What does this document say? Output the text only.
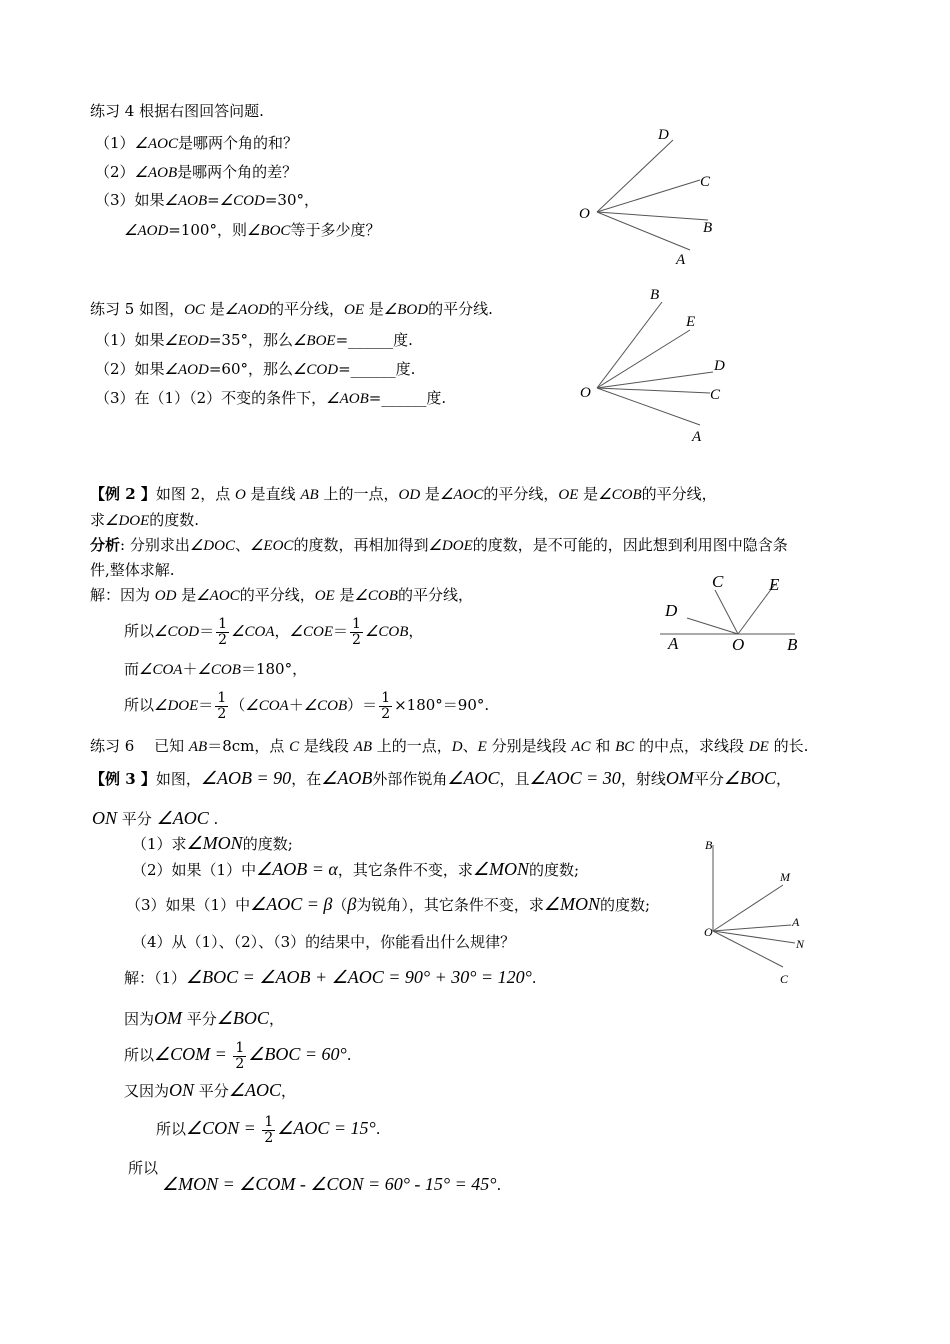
练习 4 根据右图回答问题.
（1）∠AOC是哪两个角的和？
（2）∠AOB是哪两个角的差？
（3）如果∠AOB=∠COD=30°，
∠AOD=100°，则∠BOC等于多少度？
D
C
O
B
A
练习 5 如图，OC 是∠AOD的平分线，OE 是∠BOD的平分线.
（1）如果∠EOD=35°，那么∠BOE=______度.
（2）如果∠AOD=60°，那么∠COD=______度.
（3）在（1）（2）不变的条件下，∠AOB=______度.
B
E
D
O	C
A
【例 2 】如图 2，点 O 是直线 AB 上的一点，OD 是∠AOC的平分线，OE 是∠COB的平分线，
求∠DOE的度数.
分析: 分别求出∠DOC、∠EOC的度数，再相加得到∠DOE的度数，是不可能的，因此想到利用图中隐含条
件,整体求解.
解：因为 OD 是∠AOC的平分线，OE 是∠COB的平分线，
所以∠COD＝ $\frac{1}{2}$ ∠COA，∠COE＝ $\frac{1}{2}$ ∠COB，
而∠COA＋∠COB＝180°，
所以∠DOE＝ $\frac{1}{2}$ （∠COA＋∠COB）＝ $\frac{1}{2} \times 180^\circ=90^\circ$.
C	E
D
A	O	B
练习 6　 已知 AB＝8cm，点 C 是线段 AB 上的一点，D、E 分别是线段 AC 和 BC 的中点，求线段 DE 的长.
【例 3 】如图，∠AOB = 90，在∠AOB外部作锐角∠AOC，且∠AOC = 30，射线OM平分∠BOC，
ON 平分 ∠AOC .
（1）求∠MON的度数;
（2）如果（1）中∠AOB = α，其它条件不变，求∠MON的度数;
（3）如果（1）中∠AOC = β（β为锐角），其它条件不变，求∠MON的度数;
（4）从（1）、（2）、（3）的结果中，你能看出什么规律？
解：（1）∠BOC = ∠AOB + ∠AOC = 90° + 30° = 120°.
因为OM 平分∠BOC，
所以∠COM = $\frac{1}{2}$ ∠BOC = 60°.
又因为ON 平分∠AOC，
所以∠CON = $\frac{1}{2}$ ∠AOC = 15°.
所以
∠MON = ∠COM - ∠CON = 60° - 15° = 45°.
B
M
A
O
N
C
